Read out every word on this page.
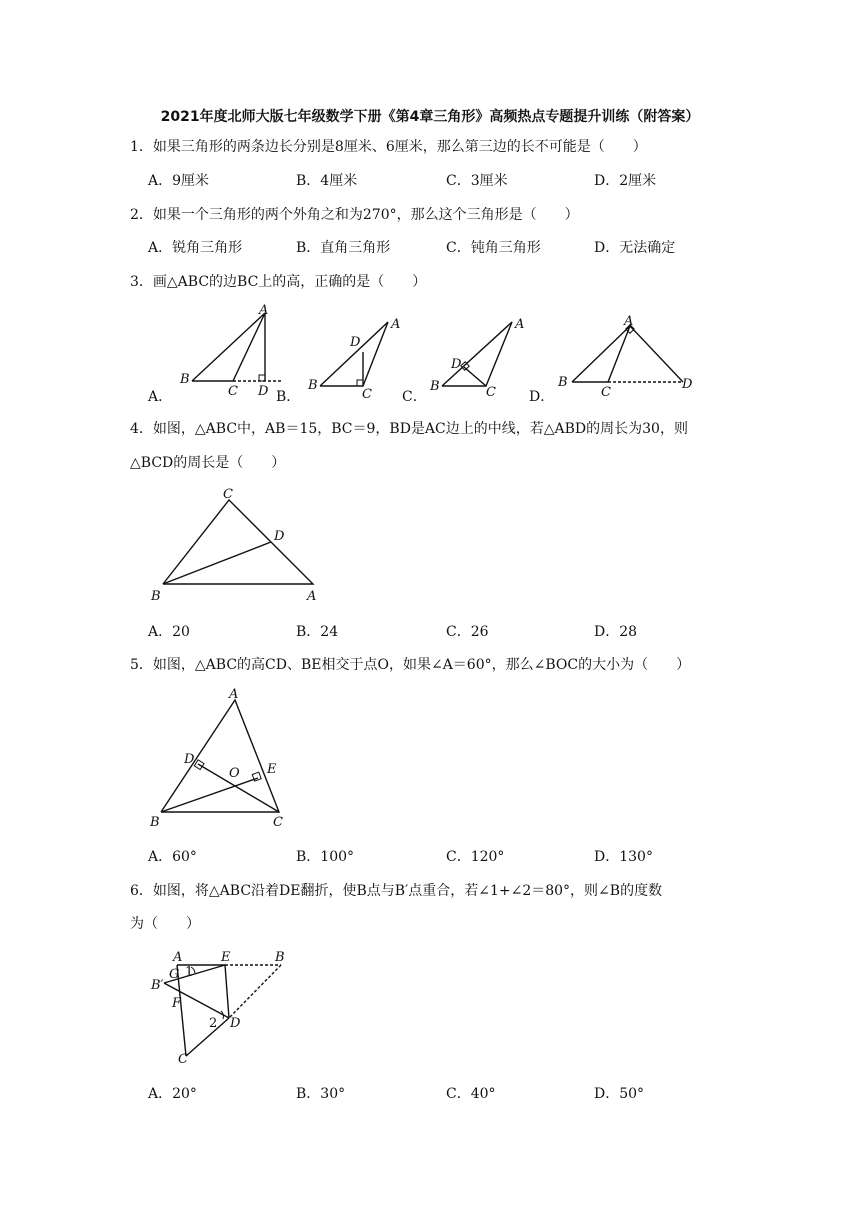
2021年度北师大版七年级数学下册《第4章三角形》高频热点专题提升训练（附答案）
1．如果三角形的两条边长分别是8厘米、6厘米，那么第三边的长不可能是（　　）
A．9厘米	B．4厘米	C．3厘米	D．2厘米
2．如果一个三角形的两个外角之和为270°，那么这个三角形是（　　）
A．锐角三角形	B．直角三角形	C．钝角三角形	D．无法确定
3．画△ABC的边BC上的高，正确的是（　　）
A．	B．	C．	D．
A
B
C D
A
B
C
D
A
B	C
D
A
B
C
D
4．如图，△ABC中，AB＝15，BC＝9，BD是AC边上的中线，若△ABD的周长为30，则
△BCD的周长是（　　）
C
D
B	A
A．20	B．24	C．26	D．28
5．如图，△ABC的高CD、BE相交于点O，如果∠A＝60°，那么∠BOC的大小为（　　）
A
D
O E
B	C
A．60°	B．100°	C．120°	D．130°
6．如图，将△ABC沿着DE翻折，使B点与B′点重合，若∠1+∠2＝80°，则∠B的度数
为（　　）
A	E	B
G 1
B′
F
2 D
C
A．20°	B．30°	C．40°	D．50°
